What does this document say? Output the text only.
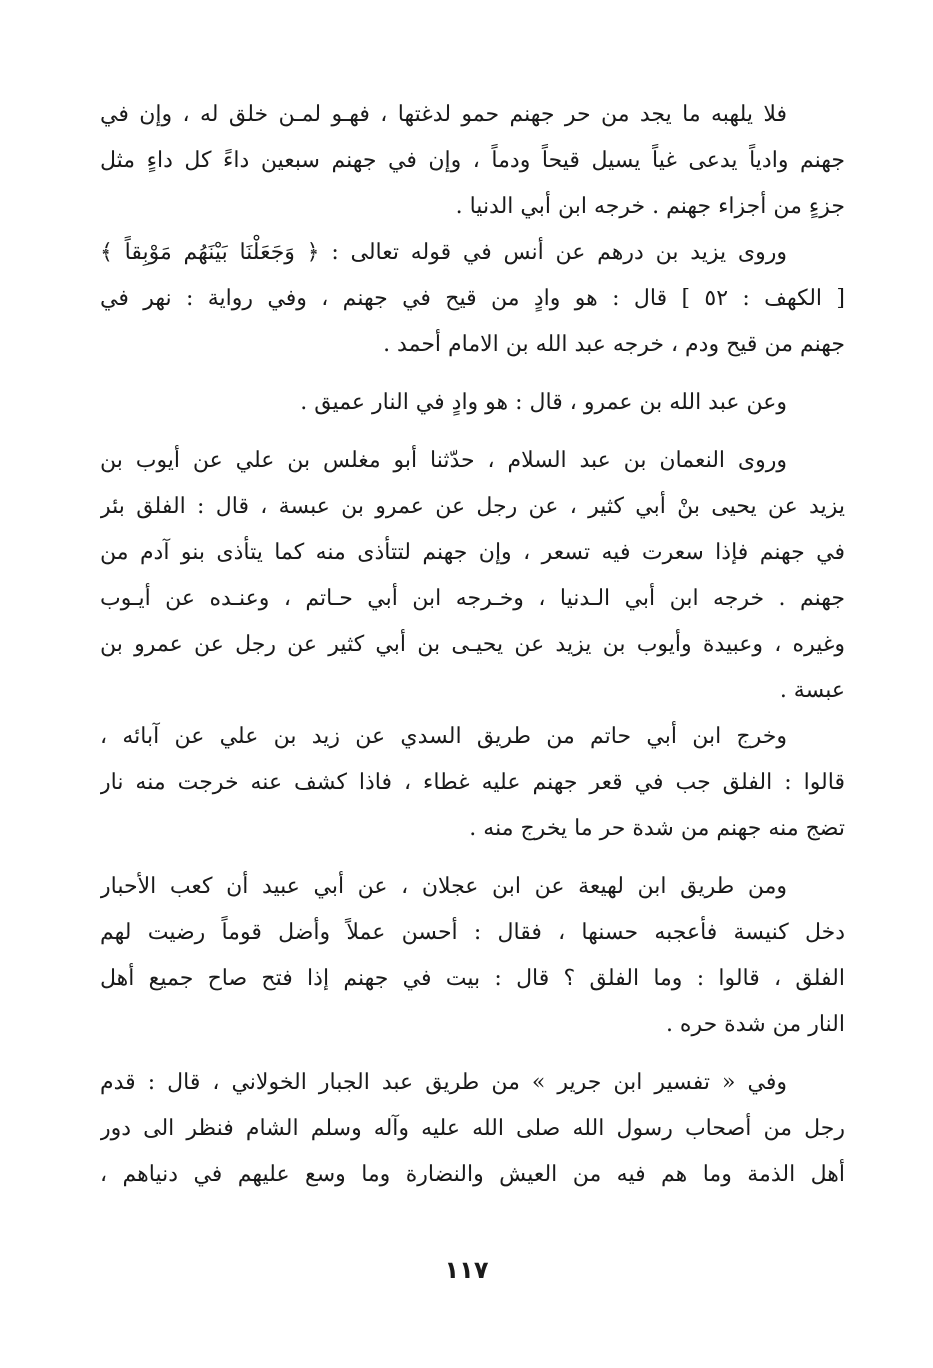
فلا يلهبه ما يجد من حر جهنم حمو لدغتها ، فهـو لمـن خلق له ، وإن في
جهنم وادياً يدعى غياً يسيل قيحاً ودماً ، وإن في جهنم سبعين داءً كل داءٍ مثل
جزءٍ من أجزاء جهنم . خرجه ابن أبي الدنيا .

وروى يزيد بن درهم عن أنس في قوله تعالى : ﴿ وَجَعَلْنَا بَيْنَهُم مَوْبِقاً ﴾
[ الكهف : ٥٢ ] قال : هو وادٍ من قيح في جهنم ، وفي رواية : نهر في
جهنم من قيح ودم ، خرجه عبد الله بن الامام أحمد .

وعن عبد الله بن عمرو ، قال : هو وادٍ في النار عميق .

وروى النعمان بن عبد السلام ، حدّثنا أبو مغلس بن علي عن أيوب بن
يزيد عن يحيى بنْ أبي كثير ، عن رجل عن عمرو بن عبسة ، قال : الفلق بئر
في جهنم فإذا سعرت فيه تسعر ، وإن جهنم لتتأذى منه كما يتأذى بنو آدم من
جهنم . خرجه ابن أبي الـدنيا ، وخـرجه ابن أبي حـاتم ، وعنـده عن أيـوب
وغيره ، وعبيدة وأيوب بن يزيد عن يحيـى بن أبي كثير عن رجل عن عمرو بن
عبسة .

وخرج ابن أبي حاتم من طريق السدي عن زيد بن علي عن آبائه ،
قالوا : الفلق جب في قعر جهنم عليه غطاء ، فاذا كشف عنه خرجت منه نار
تضج منه جهنم من شدة حر ما يخرج منه .

ومن طريق ابن لهيعة عن ابن عجلان ، عن أبي عبيد أن كعب الأحبار
دخل كنيسة فأعجبه حسنها ، فقال : أحسن عملاً وأضل قوماً رضيت لهم
الفلق ، قالوا : وما الفلق ؟ قال : بيت في جهنم إذا فتح صاح جميع أهل
النار من شدة حره .

وفي « تفسير ابن جرير » من طريق عبد الجبار الخولاني ، قال : قدم
رجل من أصحاب رسول الله صلى الله عليه وآله وسلم الشام فنظر الى دور
أهل الذمة وما هم فيه من العيش والنضارة وما وسع عليهم في دنياهم ،

١١٧
